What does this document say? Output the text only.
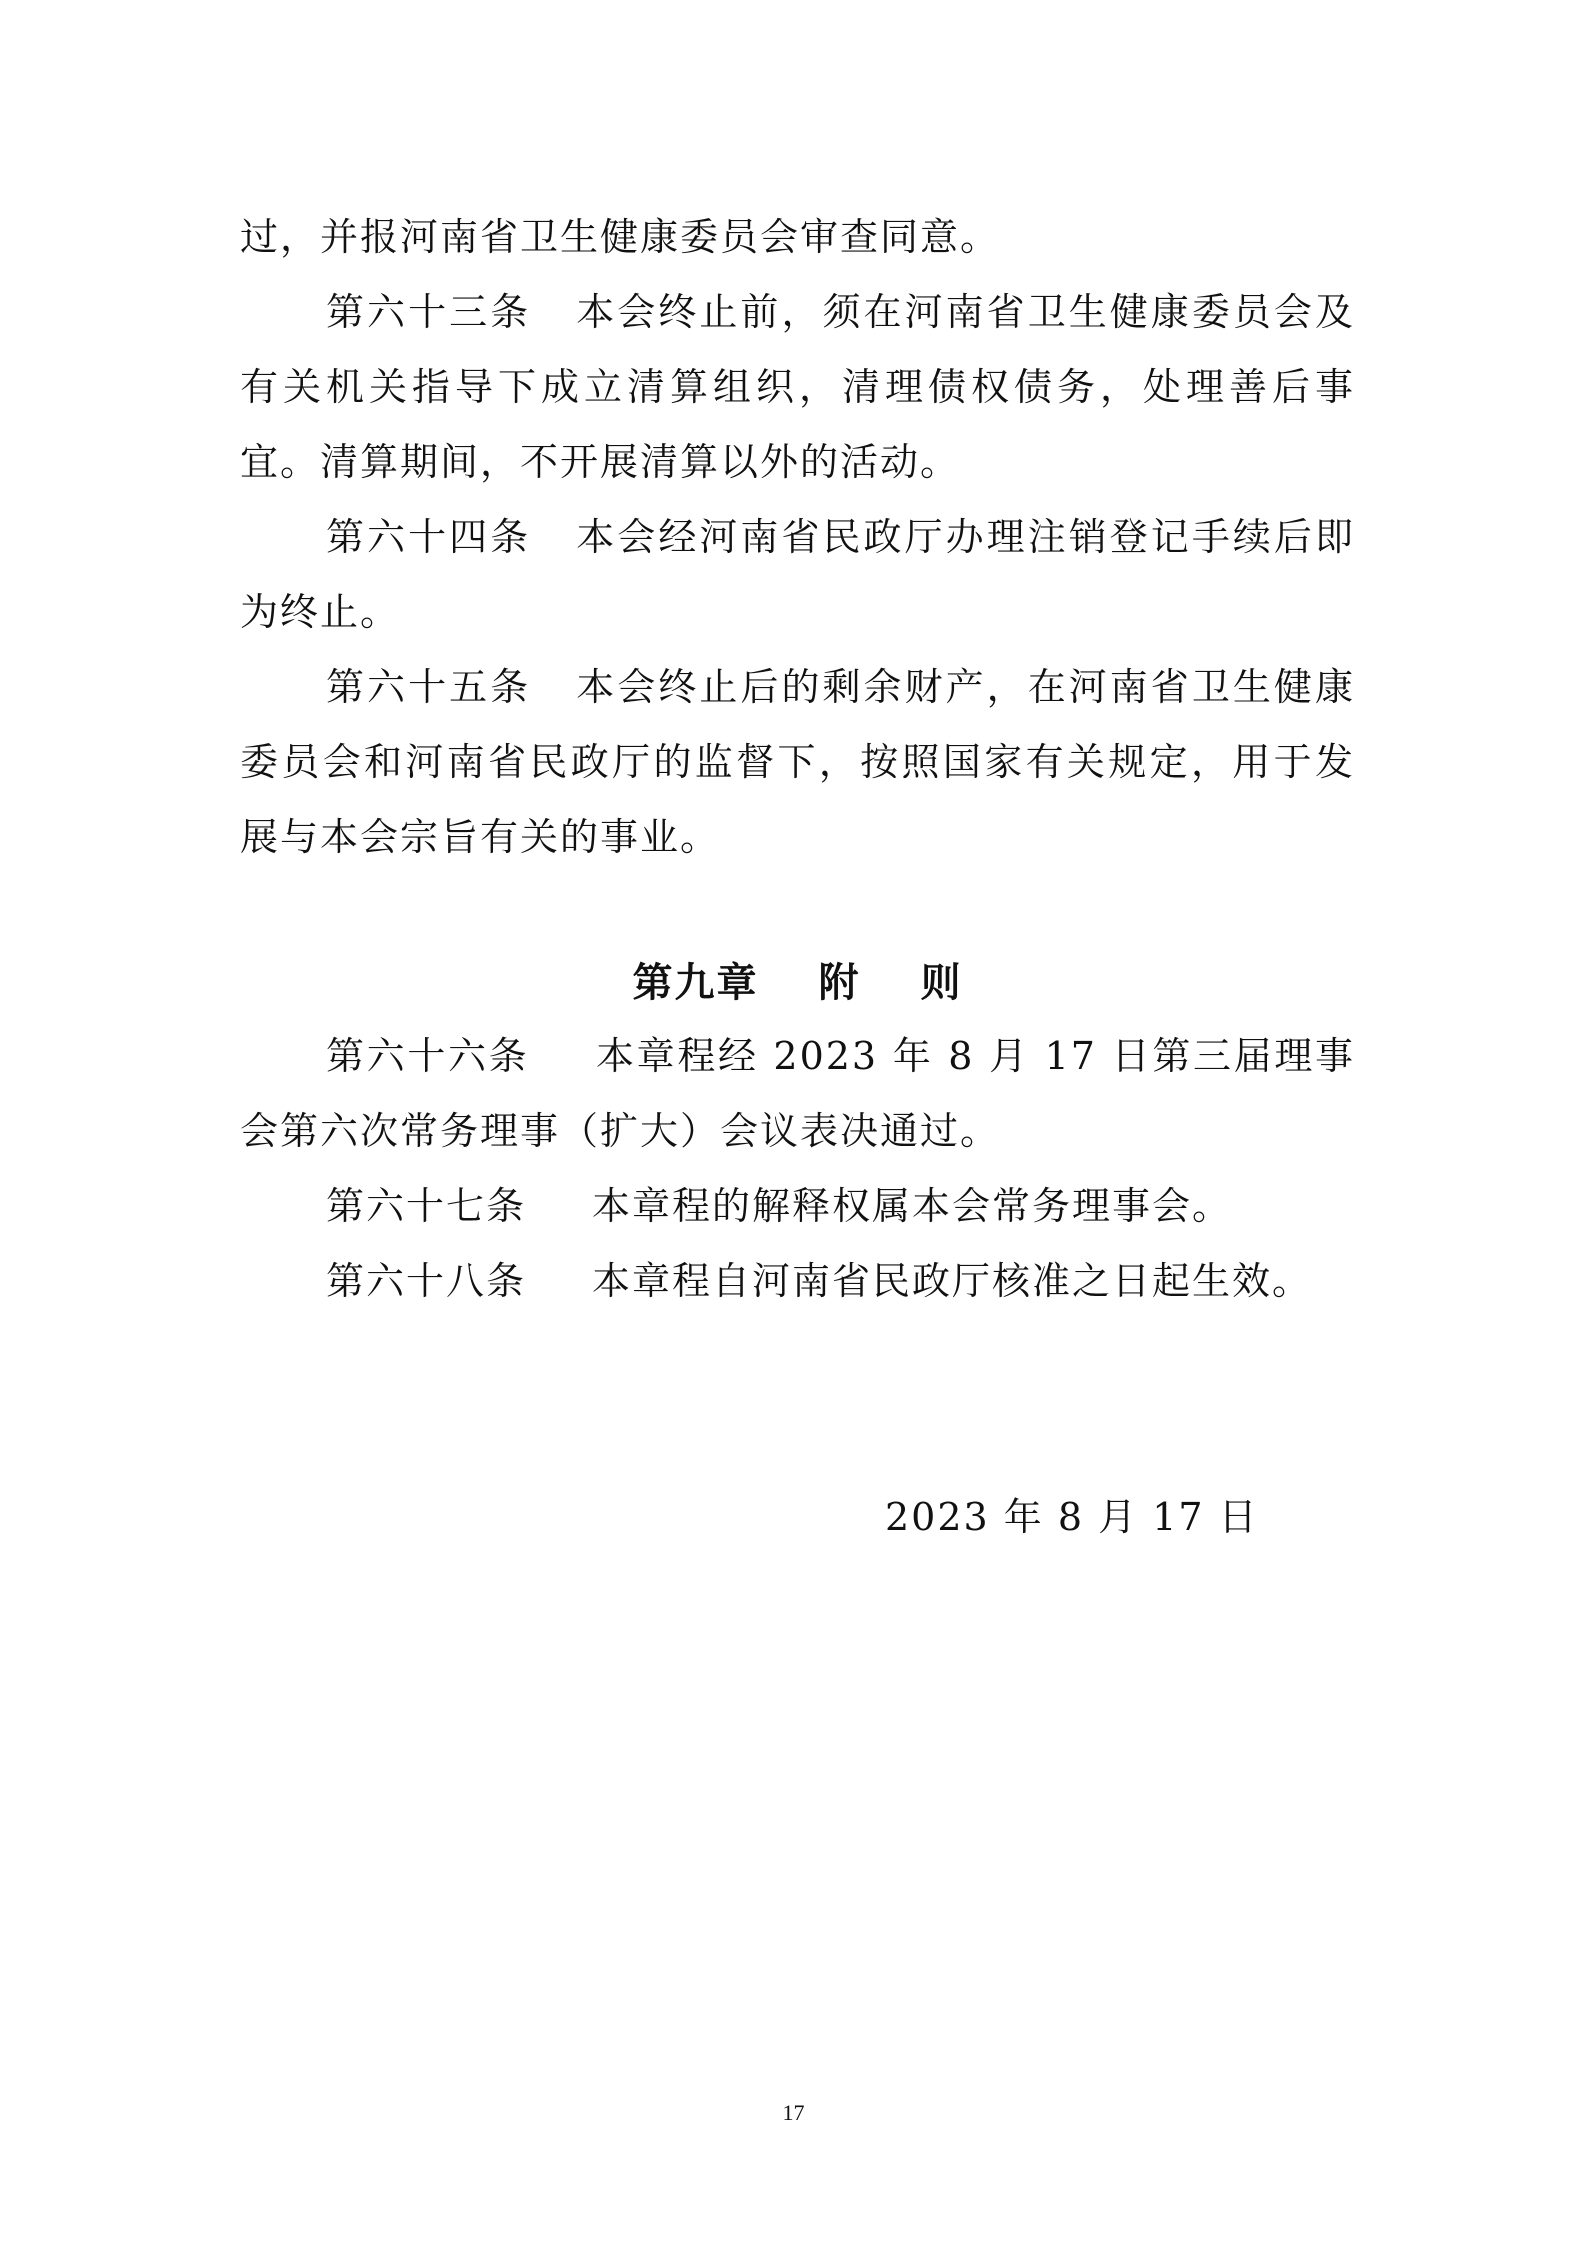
过，并报河南省卫生健康委员会审查同意。

第六十三条 本会终止前，须在河南省卫生健康委员会及有关机关指导下成立清算组织，清理债权债务，处理善后事宜。清算期间，不开展清算以外的活动。

第六十四条 本会经河南省民政厅办理注销登记手续后即为终止。

第六十五条 本会终止后的剩余财产，在河南省卫生健康委员会和河南省民政厅的监督下，按照国家有关规定，用于发展与本会宗旨有关的事业。

第九章 附 则

第六十六条 本章程经 2023 年 8 月 17 日第三届理事会第六次常务理事（扩大）会议表决通过。

第六十七条 本章程的解释权属本会常务理事会。

第六十八条 本章程自河南省民政厅核准之日起生效。

2023 年 8 月 17 日
17
